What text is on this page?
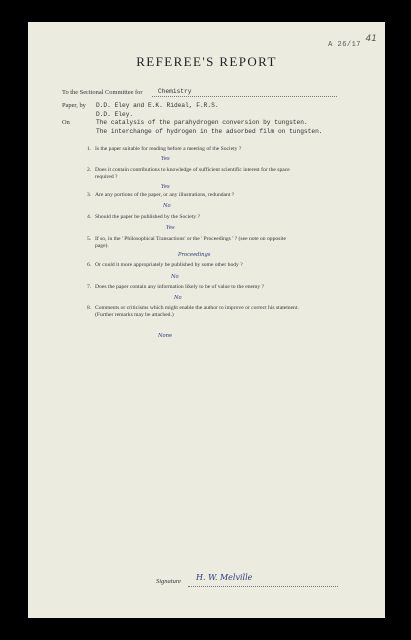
A 26/17
41
REFEREE'S REPORT
To the Sectional Committee for	Chemistry
Paper, by D.D. Eley and E.K. Rideal, F.R.S.
D.D. Eley.
On	The catalysis of the parahydrogen conversion by tungsten.
The interchange of hydrogen in the adsorbed film on tungsten.
1. Is the paper suitable for reading before a meeting of the Society ?
Yes
2. Does it contain contributions to knowledge of sufficient scientific interest for the space
required ?
Yes
3. Are any portions of the paper, or any illustrations, redundant ?
No
4. Should the paper be published by the Society ?
Yes
5. If so, in the ' Philosophical Transactions' or the ' Proceedings ' ? (see note on opposite
page).
Proceedings
6. Or could it more appropriately be published by some other body ?
No
7. Does the paper contain any information likely to be of value to the enemy ?
No
8. Comments or criticisms which might enable the author to improve or correct his statement.
(Further remarks may be attached.)
None
Signature H. W. Melville
